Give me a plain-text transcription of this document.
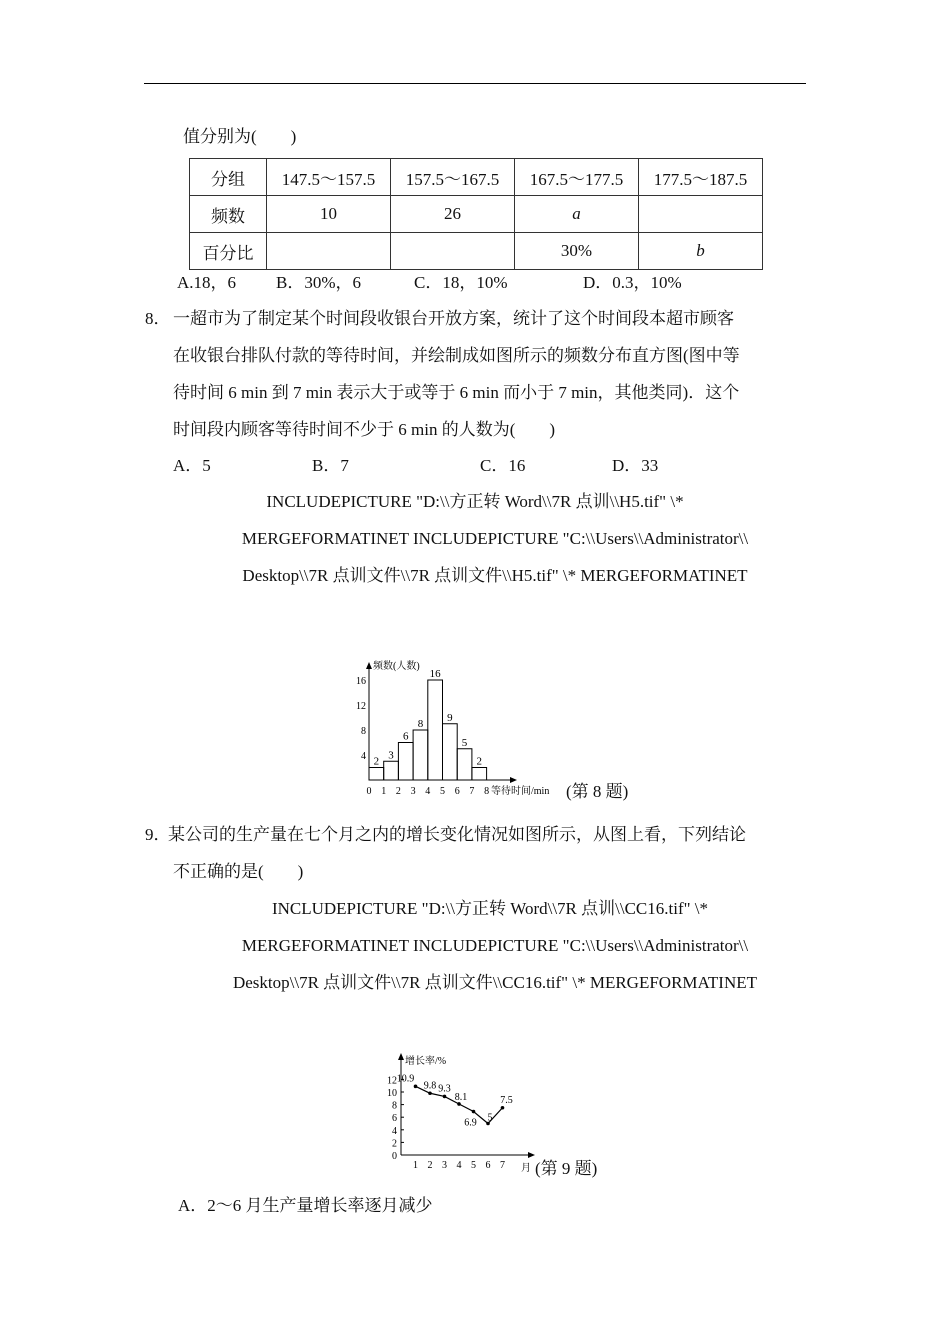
值分别为(　　)
分组	147.5～157.5	157.5～167.5	167.5～177.5	177.5～187.5
频数	10	26	a	
百分比			30%	b
A.18，6 B．30%，6	C．18，10%	D．0.3，10%
8． 一超市为了制定某个时间段收银台开放方案，统计了这个时间段本超市顾客
在收银台排队付款的等待时间，并绘制成如图所示的频数分布直方图(图中等
待时间 6 min 到 7 min 表示大于或等于 6 min 而小于 7 min，其他类同)．这个
时间段内顾客等待时间不少于 6 min 的人数为(　　)
A．5	B．7	C．16	D．33
INCLUDEPICTURE "D:\\方正转 Word\\7R 点训\\H5.tif" \*
MERGEFORMATINET INCLUDEPICTURE "C:\\Users\\Administrator\\
Desktop\\7R 点训文件\\7R 点训文件\\H5.tif" \* MERGEFORMATINET
频数(人数)
等待时间/min
4
8
12
16
0 1 2 3 4 5 6 7 8
2
3
6
8
16
9
5
2
(第 8 题)
9．
某公司的生产量在七个月之内的增长变化情况如图所示，从图上看，下列结论
不正确的是(　　)
INCLUDEPICTURE "D:\\方正转 Word\\7R 点训\\CC16.tif" \*
MERGEFORMATINET INCLUDEPICTURE "C:\\Users\\Administrator\\
Desktop\\7R 点训文件\\7R 点训文件\\CC16.tif" \* MERGEFORMATINET
增长率/%
月
0
2
4
6
8
10
12
1 2 3 4 5 6 7
10.9
9.8 9.3
8.1
6.9 5
7.5
(第 9 题)
A．2～6 月生产量增长率逐月减少
